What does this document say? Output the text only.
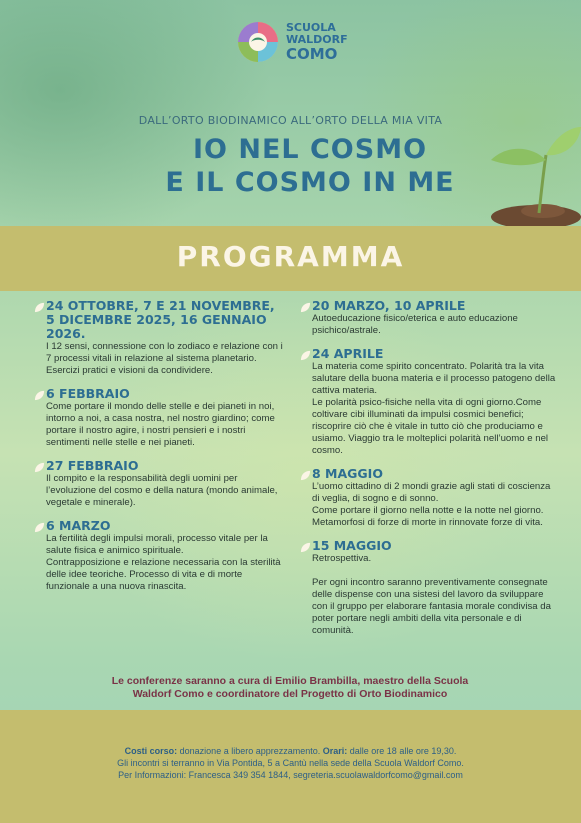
SCUOLA
WALDORF
COMO
DALL’ORTO BIODINAMICO ALL’ORTO DELLA MIA VITA
IO NEL COSMO
E IL COSMO IN ME
PROGRAMMA
24 OTTOBRE, 7 E 21 NOVEMBRE, 5 DICEMBRE 2025, 16 GENNAIO 2026.

I 12 sensi, connessione con lo zodiaco e relazione con i 7 processi vitali in relazione al sistema planetario.

Esercizi pratici e visioni da condividere.

6 FEBBRAIO

Come portare il mondo delle stelle e dei pianeti in noi, intorno a noi, a casa nostra, nel nostro giardino; come portare il nostro agire, i nostri pensieri e i nostri sentimenti nelle stelle e nei pianeti.

27 FEBBRAIO

Il compito e la responsabilità degli uomini per l’evoluzione del cosmo e della natura (mondo animale, vegetale e minerale).

6 MARZO

La fertilità degli impulsi morali, processo vitale per la salute fisica e animico spirituale.

Contrapposizione e relazione necessaria con la sterilità delle idee teoriche. Processo di vita e di morte funzionale a una nuova rinascita.

20 MARZO, 10 APRILE

Autoeducazione fisico/eterica e auto educazione psichico/astrale.

24 APRILE

La materia come spirito concentrato. Polarità tra la vita salutare della buona materia e il processo patogeno della cattiva materia.

Le polarità psico-fisiche nella vita di ogni giorno.Come coltivare cibi illuminati da impulsi cosmici benefici; riscoprire ciò che è vitale in tutto ciò che produciamo e usiamo. Viaggio tra le molteplici polarità nell’uomo e nel cosmo.

8 MAGGIO

L’uomo cittadino di 2 mondi grazie agli stati di coscienza di veglia, di sogno e di sonno.

Come portare il giorno nella notte e la notte nel giorno. Metamorfosi di forze di morte in rinnovate forze di vita.

15 MAGGIO

Retrospettiva.

Per ogni incontro saranno preventivamente consegnate delle dispense con una sistesi del lavoro da sviluppare con il gruppo per elaborare fantasia morale condivisa da poter portare negli ambiti della vita personale e di comunità.

Le conferenze saranno a cura di Emilio Brambilla, maestro della Scuola
Waldorf Como e coordinatore del Progetto di Orto Biodinamico
Costi corso: donazione a libero apprezzamento. Orari: dalle ore 18 alle ore 19,30.
Gli incontri si terranno in Via Pontida, 5 a Cantù nella sede della Scuola Waldorf Como.
Per Informazioni: Francesca 349 354 1844, segreteria.scuolawaldorfcomo@gmail.com
